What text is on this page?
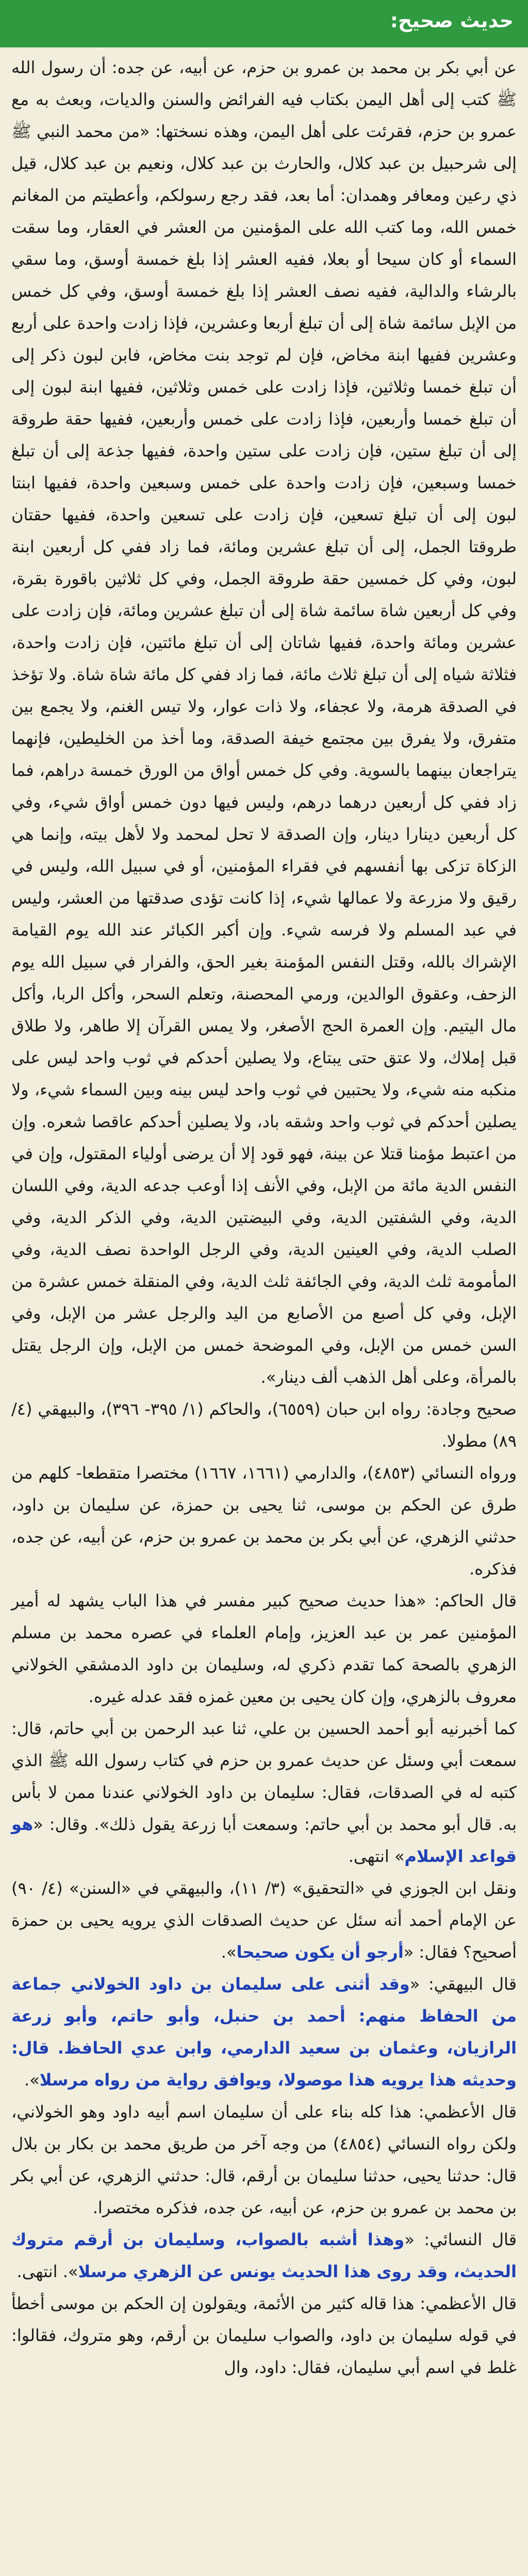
حديث صحيح:

عن أبي بكر بن محمد بن عمرو بن حزم، عن أبيه، عن جده: أن رسول الله ﷺ كتب إلى أهل اليمن بكتاب فيه الفرائض والسنن والديات، وبعث به مع عمرو بن حزم، فقرئت على أهل اليمن، وهذه نسختها: «من محمد النبي ﷺ إلى شرحبيل بن عبد كلال، والحارث بن عبد كلال، ونعيم بن عبد كلال، قيل ذي رعين ومعافر وهمدان: أما بعد، فقد رجع رسولكم، وأعطيتم من المغانم خمس الله، وما كتب الله على المؤمنين من العشر في العقار، وما سقت السماء أو كان سيحا أو بعلا، ففيه العشر إذا بلغ خمسة أوسق، وما سقي بالرشاء والدالية، ففيه نصف العشر إذا بلغ خمسة أوسق، وفي كل خمس من الإبل سائمة شاة إلى أن تبلغ أربعا وعشرين، فإذا زادت واحدة على أربع وعشرين ففيها ابنة مخاض، فإن لم توجد بنت مخاض، فابن لبون ذكر إلى أن تبلغ خمسا وثلاثين، فإذا زادت على خمس وثلاثين، ففيها ابنة لبون إلى أن تبلغ خمسا وأربعين، فإذا زادت على خمس وأربعين، ففيها حقة طروقة إلى أن تبلغ ستين، فإن زادت على ستين واحدة، ففيها جذعة إلى أن تبلغ خمسا وسبعين، فإن زادت واحدة على خمس وسبعين واحدة، ففيها ابنتا لبون إلى أن تبلغ تسعين، فإن زادت على تسعين واحدة، ففيها حقتان طروقتا الجمل، إلى أن تبلغ عشرين ومائة، فما زاد ففي كل أربعين ابنة لبون، وفي كل خمسين حقة طروقة الجمل، وفي كل ثلاثين باقورة بقرة، وفي كل أربعين شاة سائمة شاة إلى أن تبلغ عشرين ومائة، فإن زادت على عشرين ومائة واحدة، ففيها شاتان إلى أن تبلغ مائتين، فإن زادت واحدة، فثلاثة شياه إلى أن تبلغ ثلاث مائة، فما زاد ففي كل مائة شاة شاة. ولا تؤخذ في الصدقة هرمة، ولا عجفاء، ولا ذات عوار، ولا تيس الغنم، ولا يجمع بين متفرق، ولا يفرق بين مجتمع خيفة الصدقة، وما أخذ من الخليطين، فإنهما يتراجعان بينهما بالسوية. وفي كل خمس أواق من الورق خمسة دراهم، فما زاد ففي كل أربعين درهما درهم، وليس فيها دون خمس أواق شيء، وفي كل أربعين دينارا دينار، وإن الصدقة لا تحل لمحمد ولا لأهل بيته، وإنما هي الزكاة تزكى بها أنفسهم في فقراء المؤمنين، أو في سبيل الله، وليس في رقيق ولا مزرعة ولا عمالها شيء، إذا كانت تؤدى صدقتها من العشر، وليس في عبد المسلم ولا فرسه شيء. وإن أكبر الكبائر عند الله يوم القيامة الإشراك بالله، وقتل النفس المؤمنة بغير الحق، والفرار في سبيل الله يوم الزحف، وعقوق الوالدين، ورمي المحصنة، وتعلم السحر، وأكل الربا، وأكل مال اليتيم. وإن العمرة الحج الأصغر، ولا يمس القرآن إلا طاهر، ولا طلاق قبل إملاك، ولا عتق حتى يبتاع، ولا يصلين أحدكم في ثوب واحد ليس على منكبه منه شيء، ولا يحتبين في ثوب واحد ليس بينه وبين السماء شيء، ولا يصلين أحدكم في ثوب واحد وشقه باد، ولا يصلين أحدكم عاقصا شعره. وإن من اعتبط مؤمنا قتلا عن بينة، فهو قود إلا أن يرضى أولياء المقتول، وإن في النفس الدية مائة من الإبل، وفي الأنف إذا أوعب جدعه الدية، وفي اللسان الدية، وفي الشفتين الدية، وفي البيضتين الدية، وفي الذكر الدية، وفي الصلب الدية، وفي العينين الدية، وفي الرجل الواحدة نصف الدية، وفي المأمومة ثلث الدية، وفي الجائفة ثلث الدية، وفي المنقلة خمس عشرة من الإبل، وفي كل أصبع من الأصابع من اليد والرجل عشر من الإبل، وفي السن خمس من الإبل، وفي الموضحة خمس من الإبل، وإن الرجل يقتل بالمرأة، وعلى أهل الذهب ألف دينار».

صحيح وجادة: رواه ابن حبان (٦٥٥٩)، والحاكم (١/ ٣٩٥- ٣٩٦)، والبيهقي (٤/ ٨٩) مطولا.

ورواه النسائي (٤٨٥٣)، والدارمي (١٦٦١، ١٦٦٧) مختصرا متقطعا- كلهم من طرق عن الحكم بن موسى، ثنا يحيى بن حمزة، عن سليمان بن داود، حدثني الزهري، عن أبي بكر بن محمد بن عمرو بن حزم، عن أبيه، عن جده، فذكره.

قال الحاكم: «هذا حديث صحيح كبير مفسر في هذا الباب يشهد له أمير المؤمنين عمر بن عبد العزيز، وإمام العلماء في عصره محمد بن مسلم الزهري بالصحة كما تقدم ذكري له، وسليمان بن داود الدمشقي الخولاني معروف بالزهري، وإن كان يحيى بن معين غمزه فقد عدله غيره.

كما أخبرنيه أبو أحمد الحسين بن علي، ثنا عبد الرحمن بن أبي حاتم، قال: سمعت أبي وسئل عن حديث عمرو بن حزم في كتاب رسول الله ﷺ الذي كتبه له في الصدقات، فقال: سليمان بن داود الخولاني عندنا ممن لا بأس به. قال أبو محمد بن أبي حاتم: وسمعت أبا زرعة يقول ذلك». وقال: «هو قواعد الإسلام» انتهى.

ونقل ابن الجوزي في «التحقيق» (٣/ ١١)، والبيهقي في «السنن» (٤/ ٩٠) عن الإمام أحمد أنه سئل عن حديث الصدقات الذي يرويه يحيى بن حمزة أصحيح؟ فقال: «أرجو أن يكون صحيحا».

قال البيهقي: «وقد أثنى على سليمان بن داود الخولاني جماعة من الحفاظ منهم: أحمد بن حنبل، وأبو حاتم، وأبو زرعة الرازيان، وعثمان بن سعيد الدارمي، وابن عدي الحافظ. قال: وحديثه هذا يرويه هذا موصولا، ويوافق رواية من رواه مرسلا».

قال الأعظمي: هذا كله بناء على أن سليمان اسم أبيه داود وهو الخولاني، ولكن رواه النسائي (٤٨٥٤) من وجه آخر من طريق محمد بن بكار بن بلال قال: حدثنا يحيى، حدثنا سليمان بن أرقم، قال: حدثني الزهري، عن أبي بكر بن محمد بن عمرو بن حزم، عن أبيه، عن جده، فذكره مختصرا.

قال النسائي: «وهذا أشبه بالصواب، وسليمان بن أرقم متروك الحديث، وقد روى هذا الحديث يونس عن الزهري مرسلا». انتهى.

قال الأعظمي: هذا قاله كثير من الأئمة، ويقولون إن الحكم بن موسى أخطأ في قوله سليمان بن داود، والصواب سليمان بن أرقم، وهو متروك، فقالوا: غلط في اسم أبي سليمان، فقال: داود، وال
